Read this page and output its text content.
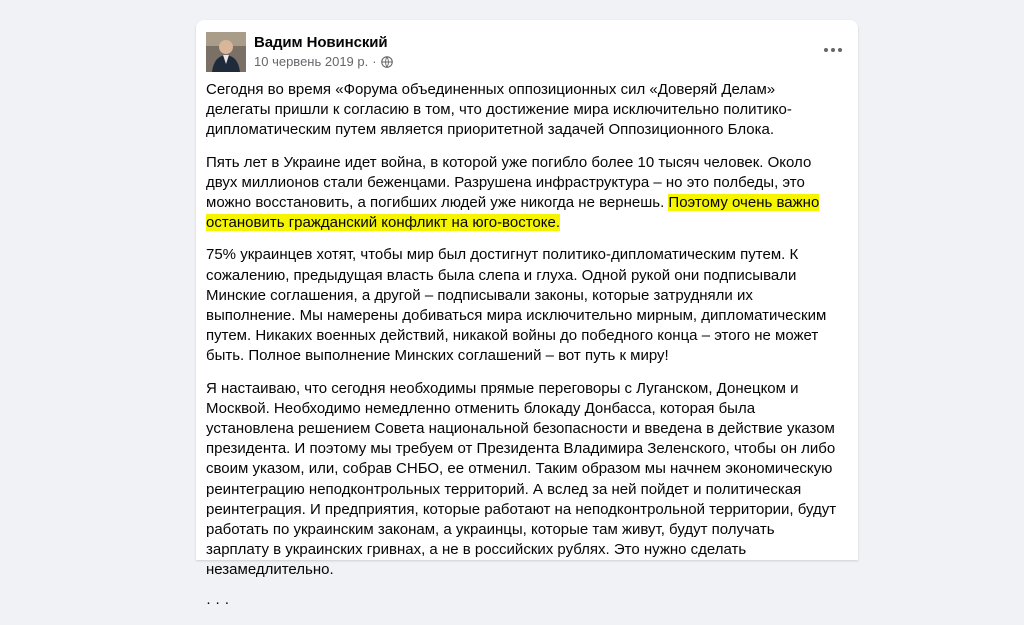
Вадим Новинский
10 червень 2019 р. ·

Сегодня во время «Форума объединенных оппозиционных сил «Доверяй Делам» делегаты пришли к согласию в том, что достижение мира исключительно политико-дипломатическим путем является приоритетной задачей Оппозиционного Блока.

Пять лет в Украине идет война, в которой уже погибло более 10 тысяч человек. Около двух миллионов стали беженцами. Разрушена инфраструктура – но это полбеды, это можно восстановить, а погибших людей уже никогда не вернешь. Поэтому очень важно остановить гражданский конфликт на юго-востоке.

75% украинцев хотят, чтобы мир был достигнут политико-дипломатическим путем. К сожалению, предыдущая власть была слепа и глуха. Одной рукой они подписывали Минские соглашения, а другой – подписывали законы, которые затрудняли их выполнение. Мы намерены добиваться мира исключительно мирным, дипломатическим путем. Никаких военных действий, никакой войны до победного конца – этого не может быть. Полное выполнение Минских соглашений – вот путь к миру!

Я настаиваю, что сегодня необходимы прямые переговоры с Луганском, Донецком и Москвой. Необходимо немедленно отменить блокаду Донбасса, которая была установлена решением Совета национальной безопасности и введена в действие указом президента. И поэтому мы требуем от Президента Владимира Зеленского, чтобы он либо своим указом, или, собрав СНБО, ее отменил. Таким образом мы начнем экономическую реинтеграцию неподконтрольных территорий. А вслед за ней пойдет и политическая реинтеграция. И предприятия, которые работают на неподконтрольной территории, будут работать по украинским законам, а украинцы, которые там живут, будут получать зарплату в украинских гривнах, а не в российских рублях. Это нужно сделать незамедлительно.

· · ·
